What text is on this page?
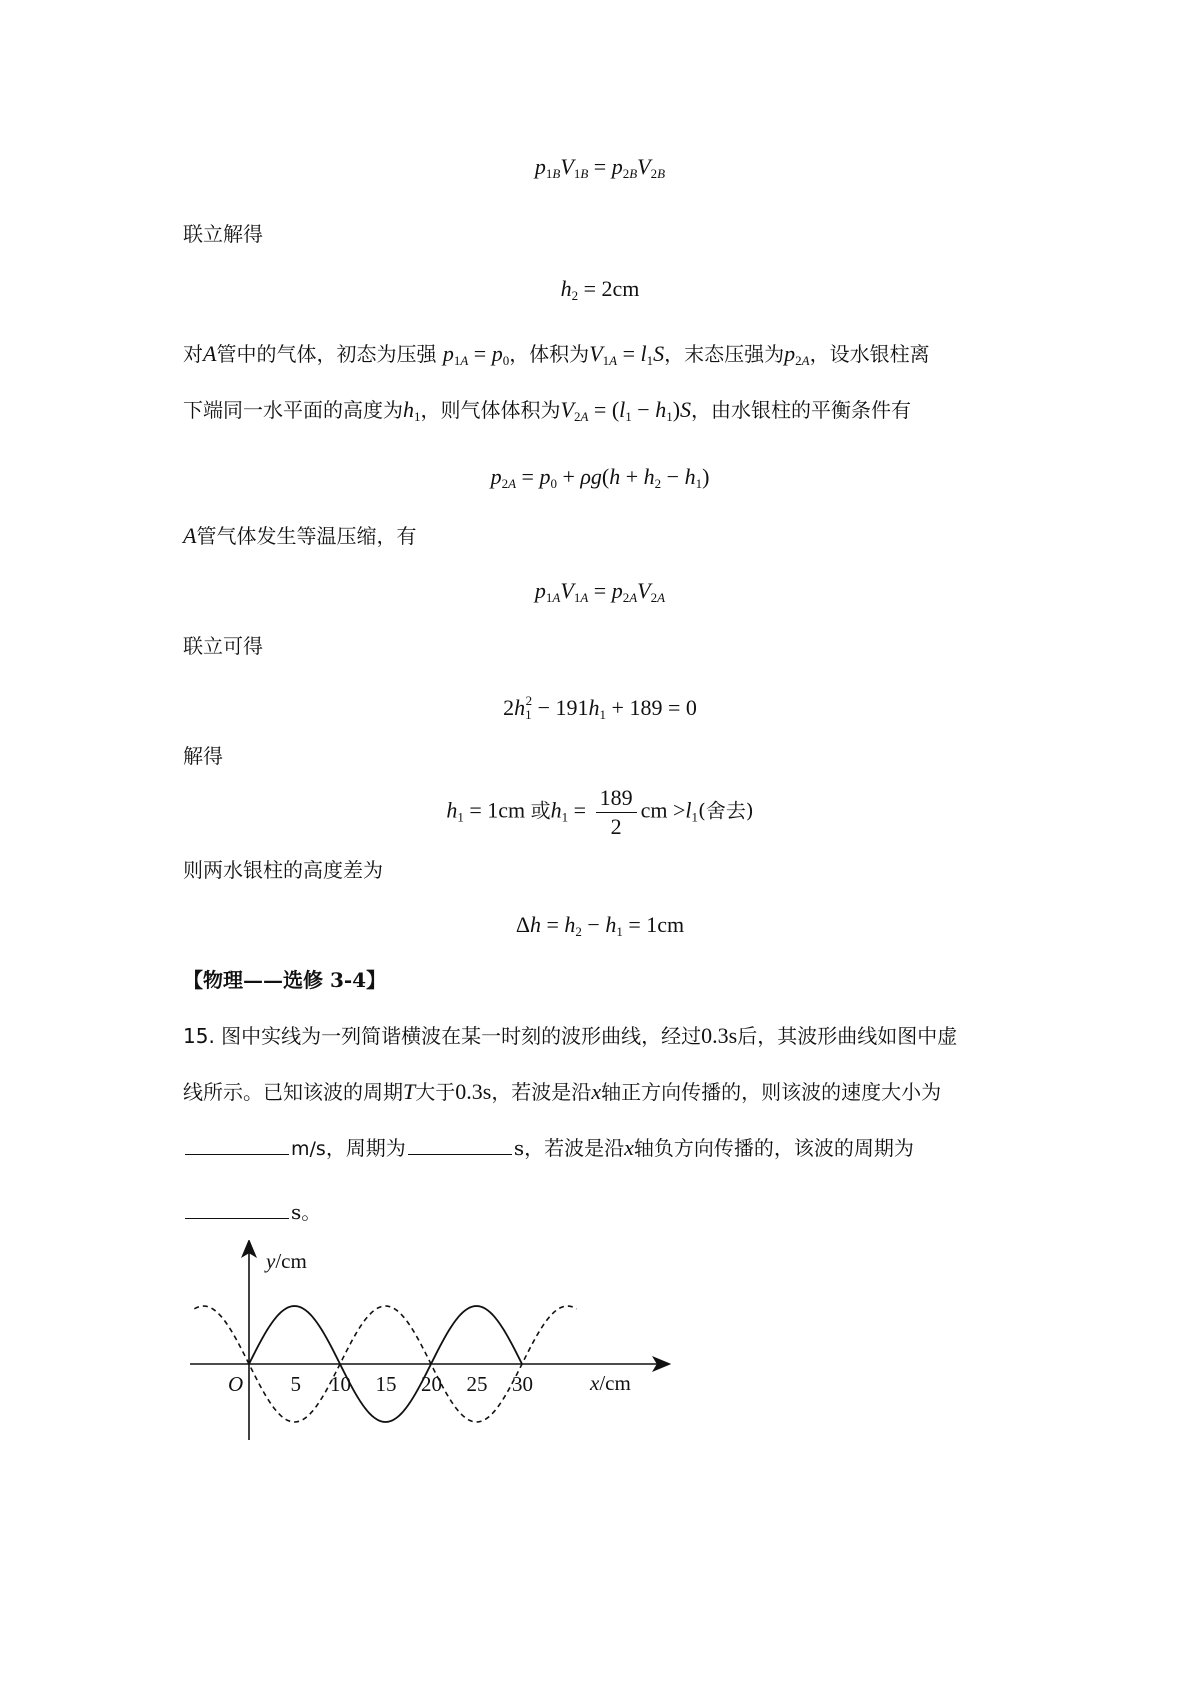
$p_{1B}V_{1B} = p_{2B}V_{2B}$
联立解得
$h_2 = 2cm$
对A管中的气体，初态为压强 $p_{1A} = p_0$，体积为$V_{1A} = l_1S$，末态压强为$p_{2A}$，设水银柱离
下端同一水平面的高度为$h_1$，则气体体积为$V_{2A} = (l_1 - h_1)S$，由水银柱的平衡条件有
$p_{2A} = p_0 + \rho g(h + h_2 - h_1)$
A管气体发生等温压缩，有
$p_{1A}V_{1A} = p_{2A}V_{2A}$
联立可得
$2h_1^2 - 191h_1 + 189 = 0$
解得
$h_1 = 1cm$ 或$h_1 = \frac{189}{2}$ cm $>l_1$(舍去)
则两水银柱的高度差为
$\Delta h = h_2 - h_1 = 1cm$
【物理——选修 3-4】
15. 图中实线为一列简谐横波在某一时刻的波形曲线，经过0.3s后，其波形曲线如图中虚
线所示。已知该波的周期T大于0.3s，若波是沿x轴正方向传播的，则该波的速度大小为
m/s，周期为	s，若波是沿x轴负方向传播的，该波的周期为
s。
y/cm
x/cm
O 5 10 15 20 25 30
